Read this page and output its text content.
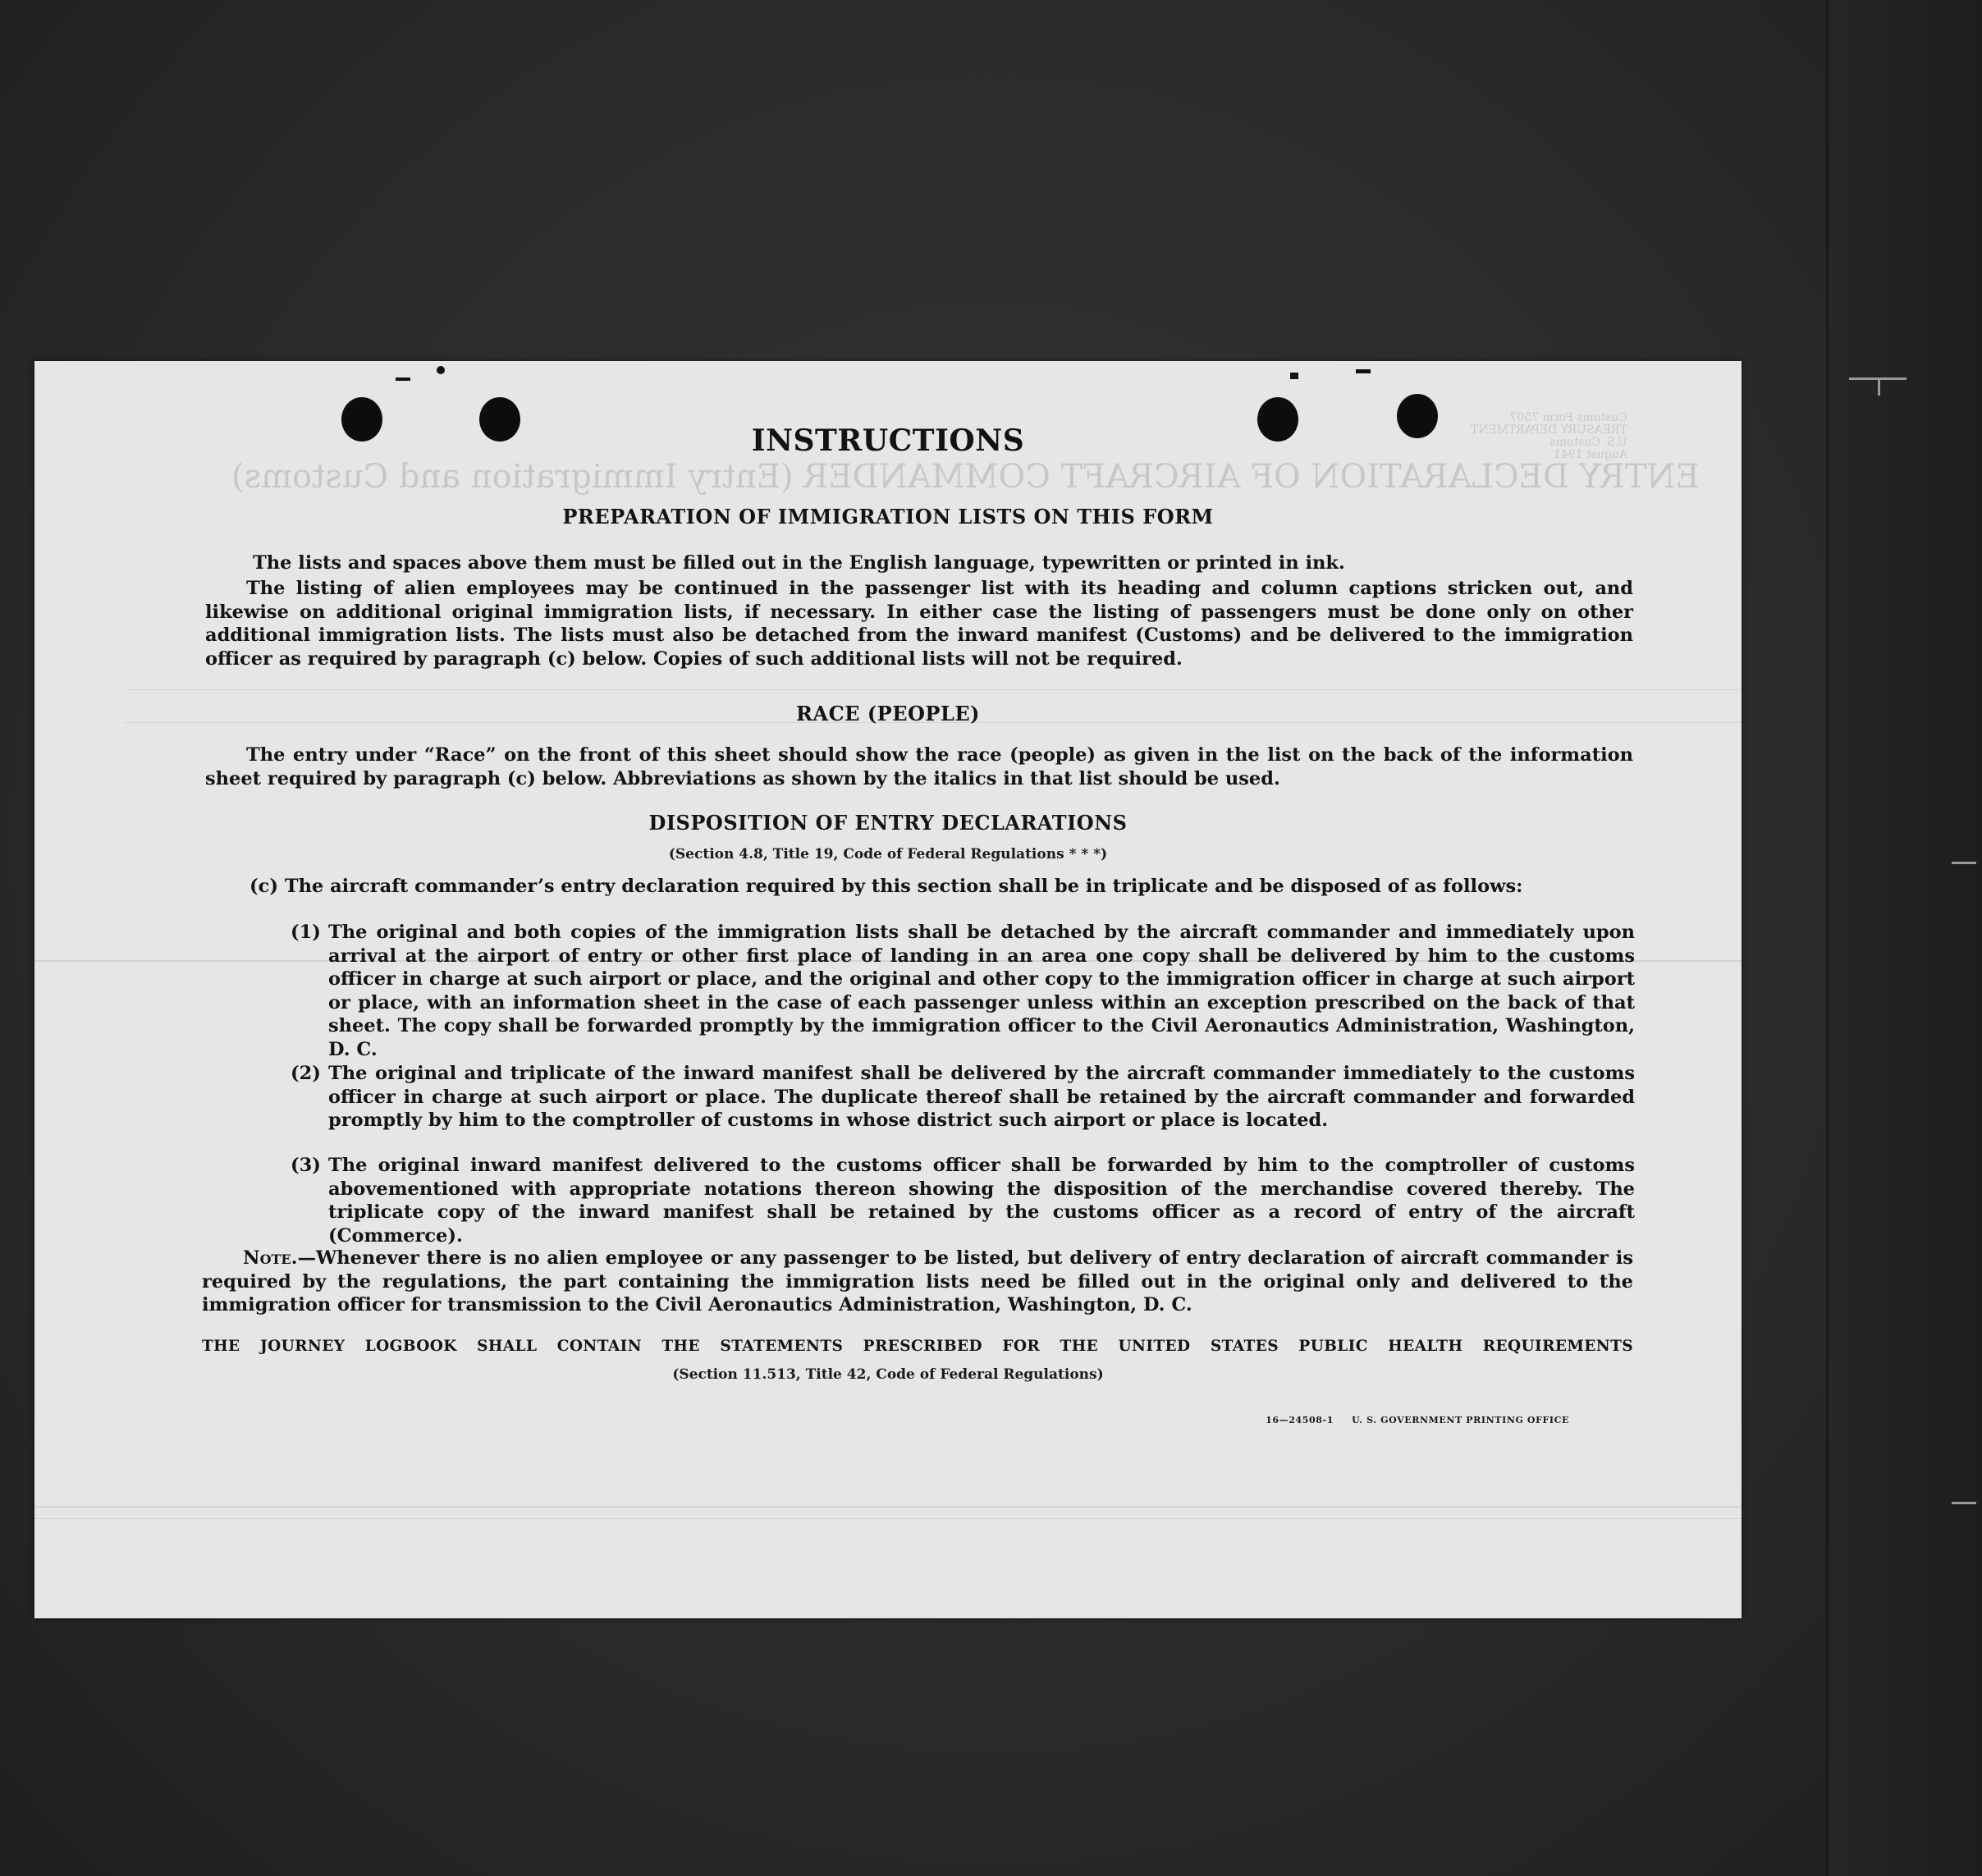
ENTRY DECLARATION OF AIRCRAFT COMMANDER (Entry Immigration and Customs)
Customs Form 7507
TREASURY DEPARTMENT
U.S. Customs
August 1941
INSTRUCTIONS
PREPARATION OF IMMIGRATION LISTS ON THIS FORM
The lists and spaces above them must be filled out in the English language, typewritten or printed in ink.
The listing of alien employees may be continued in the passenger list with its heading and column captions stricken out, and likewise on additional original immigration lists, if necessary. In either case the listing of passengers must be done only on other additional immigration lists. The lists must also be detached from the inward manifest (Customs) and be delivered to the immigration officer as required by paragraph (c) below. Copies of such additional lists will not be required.
RACE (PEOPLE)
The entry under “Race” on the front of this sheet should show the race (people) as given in the list on the back of the information sheet required by paragraph (c) below. Abbreviations as shown by the italics in that list should be used.
DISPOSITION OF ENTRY DECLARATIONS
(Section 4.8, Title 19, Code of Federal Regulations * * *)
(c) The aircraft commander’s entry declaration required by this section shall be in triplicate and be disposed of as follows:
(1) The original and both copies of the immigration lists shall be detached by the aircraft commander and immediately upon arrival at the airport of entry or other first place of landing in an area one copy shall be delivered by him to the customs officer in charge at such airport or place, and the original and other copy to the immigration officer in charge at such airport or place, with an information sheet in the case of each passenger unless within an exception prescribed on the back of that sheet. The copy shall be forwarded promptly by the immigration officer to the Civil Aeronautics Administration, Washington, D. C.
(2) The original and triplicate of the inward manifest shall be delivered by the aircraft commander immediately to the customs officer in charge at such airport or place. The duplicate thereof shall be retained by the aircraft commander and forwarded promptly by him to the comptroller of customs in whose district such airport or place is located.
(3) The original inward manifest delivered to the customs officer shall be forwarded by him to the comptroller of customs abovementioned with appropriate notations thereon showing the disposition of the merchandise covered thereby. The triplicate copy of the inward manifest shall be retained by the customs officer as a record of entry of the aircraft (Commerce).
Note.—Whenever there is no alien employee or any passenger to be listed, but delivery of entry declaration of aircraft commander is required by the regulations, the part containing the immigration lists need be filled out in the original only and delivered to the immigration officer for transmission to the Civil Aeronautics Administration, Washington, D. C.
THE JOURNEY LOGBOOK SHALL CONTAIN THE STATEMENTS PRESCRIBED FOR THE UNITED STATES PUBLIC HEALTH REQUIREMENTS
(Section 11.513, Title 42, Code of Federal Regulations)
16—24508-1 U. S. GOVERNMENT PRINTING OFFICE
